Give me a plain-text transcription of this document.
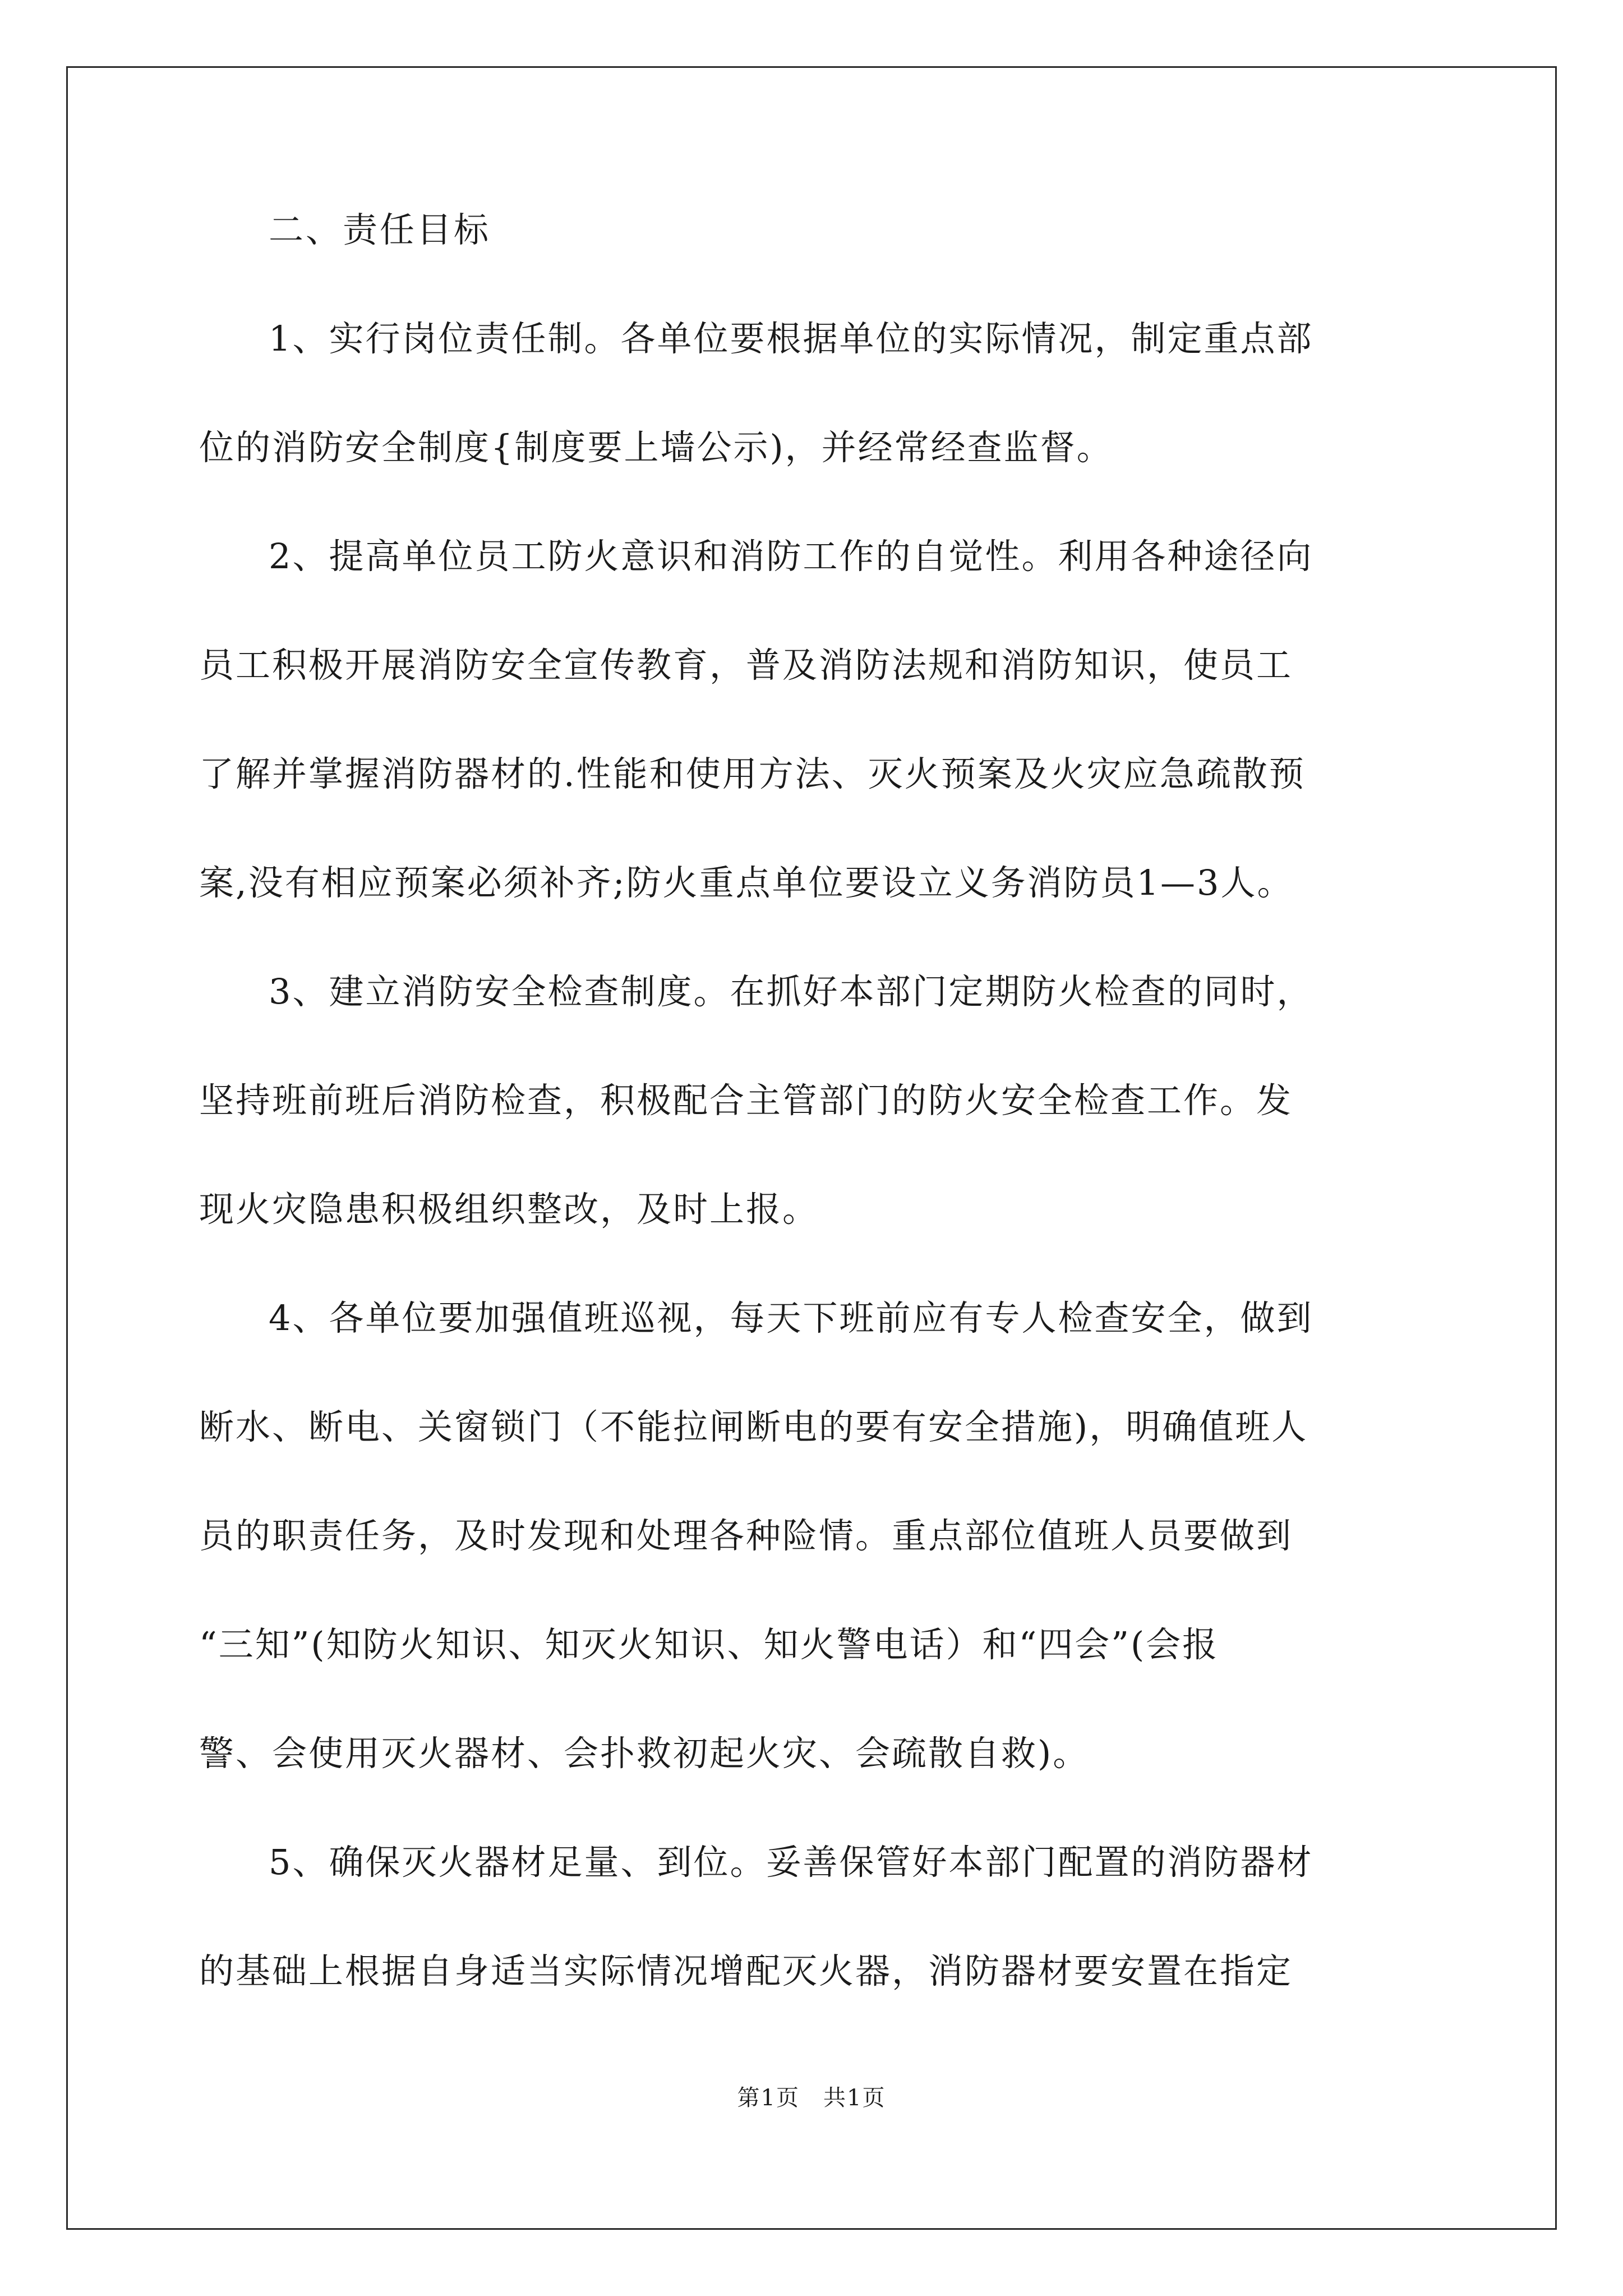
二、责任目标
1、实行岗位责任制。各单位要根据单位的实际情况，制定重点部
位的消防安全制度{制度要上墙公示)，并经常经查监督。
2、提高单位员工防火意识和消防工作的自觉性。利用各种途径向
员工积极开展消防安全宣传教育，普及消防法规和消防知识，使员工
了解并掌握消防器材的.性能和使用方法、灭火预案及火灾应急疏散预
案,没有相应预案必须补齐;防火重点单位要设立义务消防员1—3人。
3、建立消防安全检查制度。在抓好本部门定期防火检查的同时，
坚持班前班后消防检查，积极配合主管部门的防火安全检查工作。发
现火灾隐患积极组织整改，及时上报。
4、各单位要加强值班巡视，每天下班前应有专人检查安全，做到
断水、断电、关窗锁门（不能拉闸断电的要有安全措施)，明确值班人
员的职责任务，及时发现和处理各种险情。重点部位值班人员要做到
“三知”(知防火知识、知灭火知识、知火警电话）和“四会”(会报
警、会使用灭火器材、会扑救初起火灾、会疏散自救)。
5、确保灭火器材足量、到位。妥善保管好本部门配置的消防器材
的基础上根据自身适当实际情况增配灭火器，消防器材要安置在指定
第1页　共1页
